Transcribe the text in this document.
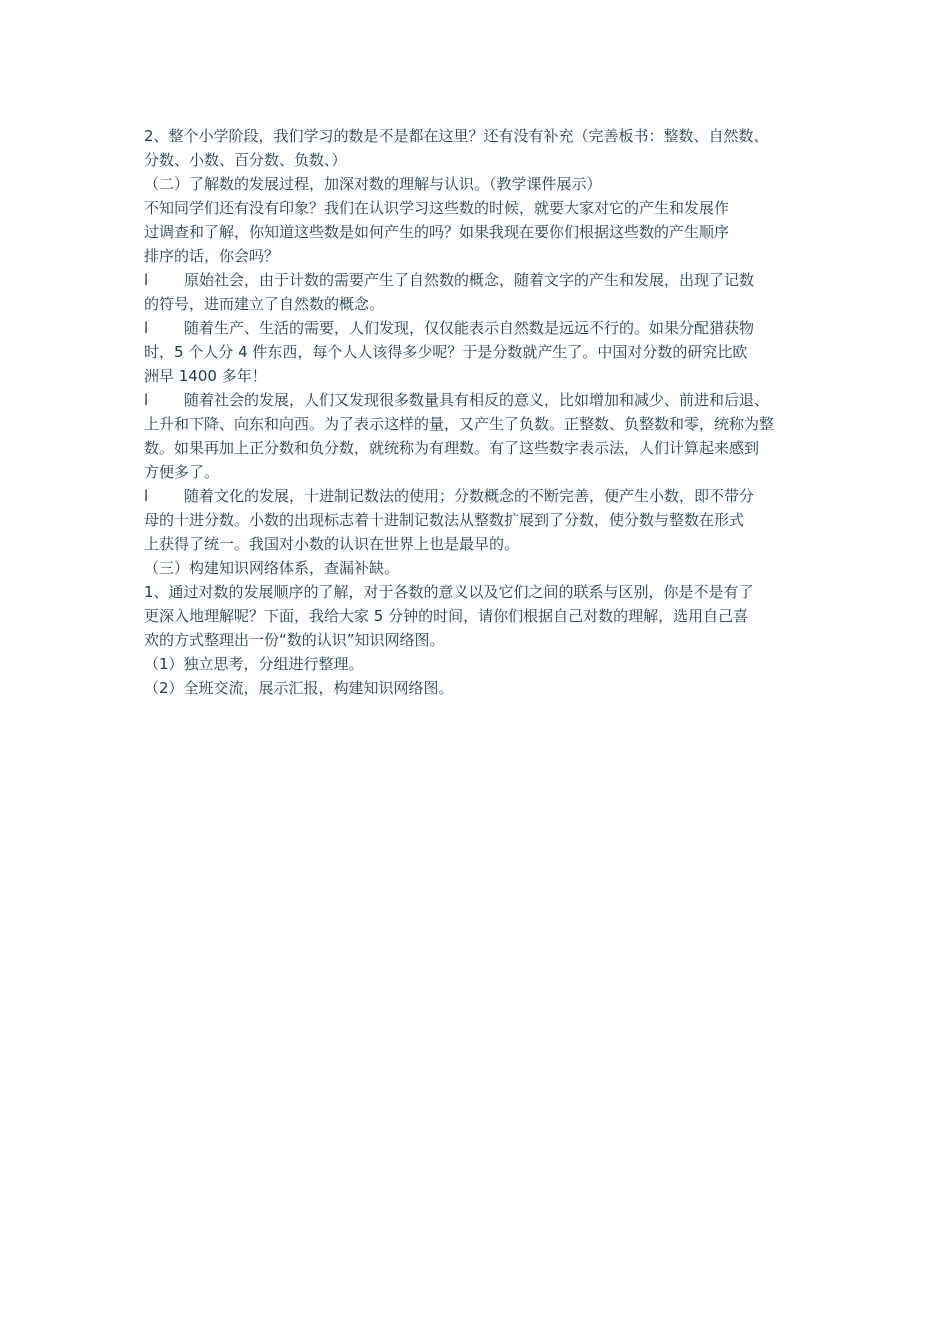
2、整个小学阶段，我们学习的数是不是都在这里？还有没有补充（完善板书：整数、自然数、
分数、小数、百分数、负数、）

（二）了解数的发展过程，加深对数的理解与认识。（教学课件展示）

不知同学们还有没有印象？我们在认识学习这些数的时候，就要大家对它的产生和发展作
过调查和了解，你知道这些数是如何产生的吗？如果我现在要你们根据这些数的产生顺序
排序的话，你会吗？

l 原始社会，由于计数的需要产生了自然数的概念，随着文字的产生和发展，出现了记数
的符号，进而建立了自然数的概念。

l 随着生产、生活的需要，人们发现，仅仅能表示自然数是远远不行的。如果分配猎获物
时，5 个人分 4 件东西，每个人人该得多少呢？于是分数就产生了。中国对分数的研究比欧
洲早 1400 多年！

l 随着社会的发展，人们又发现很多数量具有相反的意义，比如增加和减少、前进和后退、
上升和下降、向东和向西。为了表示这样的量，又产生了负数。正整数、负整数和零，统称为整
数。如果再加上正分数和负分数，就统称为有理数。有了这些数字表示法，人们计算起来感到
方便多了。

l 随着文化的发展，十进制记数法的使用；分数概念的不断完善，便产生小数，即不带分
母的十进分数。小数的出现标志着十进制记数法从整数扩展到了分数，使分数与整数在形式
上获得了统一。我国对小数的认识在世界上也是最早的。

（三）构建知识网络体系，查漏补缺。

1、通过对数的发展顺序的了解，对于各数的意义以及它们之间的联系与区别，你是不是有了
更深入地理解呢？下面，我给大家 5 分钟的时间，请你们根据自己对数的理解，选用自己喜
欢的方式整理出一份“数的认识”知识网络图。

（1）独立思考，分组进行整理。

（2）全班交流，展示汇报，构建知识网络图。
